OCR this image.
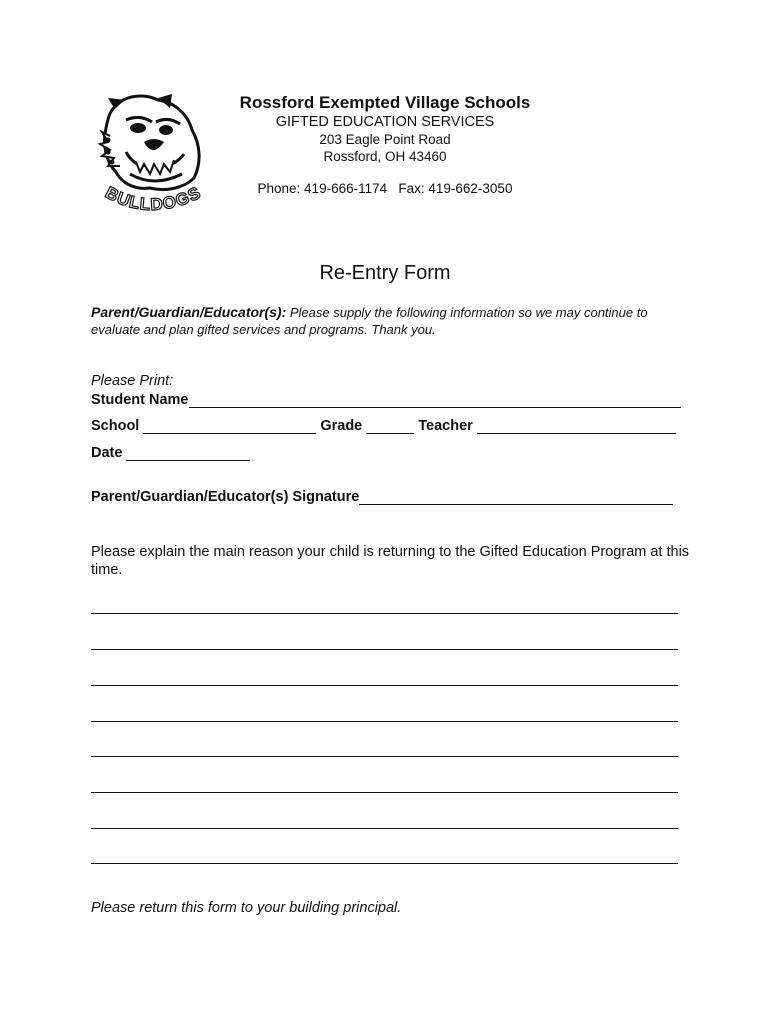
BULLDOGS
Rossford Exempted Village Schools
GIFTED EDUCATION SERVICES
203 Eagle Point Road
Rossford, OH 43460
Phone: 419-666-1174   Fax: 419-662-3050
Re-Entry Form
Parent/Guardian/Educator(s): Please supply the following information so we may continue to evaluate and plan gifted services and programs. Thank you.
Please Print:
Student Name
School	Grade	Teacher
Date
Parent/Guardian/Educator(s) Signature
Please explain the main reason your child is returning to the Gifted Education Program at this time.
Please return this form to your building principal.
